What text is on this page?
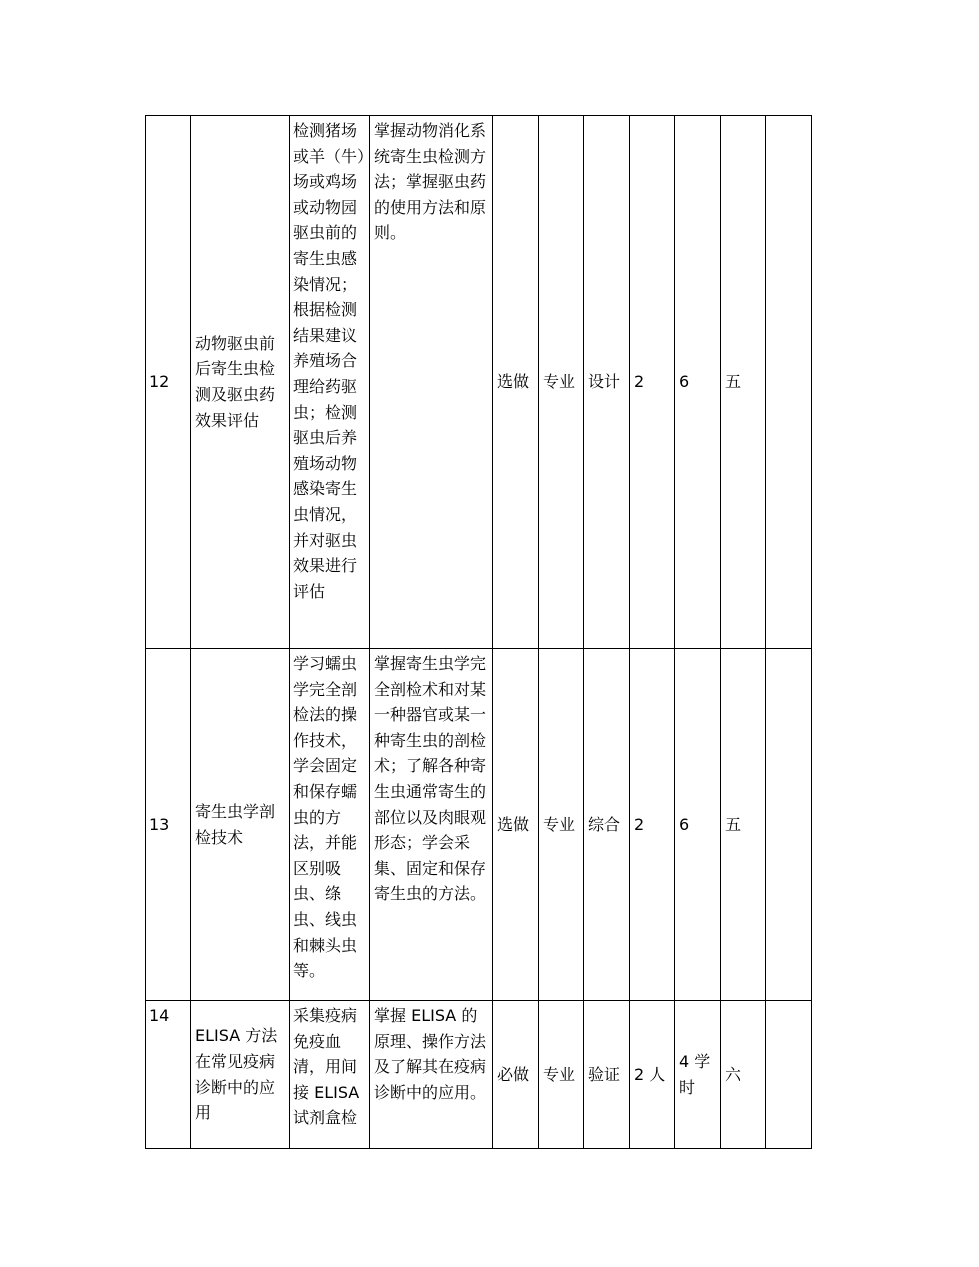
12	动物驱虫前后寄生虫检测及驱虫药效果评估	检测猪场或羊（牛）场或鸡场或动物园驱虫前的寄生虫感染情况；根据检测结果建议养殖场合理给药驱虫；检测驱虫后养殖场动物感染寄生虫情况，并对驱虫效果进行评估	掌握动物消化系统寄生虫检测方法；掌握驱虫药的使用方法和原则。	选做	专业	设计	2	6	五	
13	寄生虫学剖检技术	学习蠕虫学完全剖检法的操作技术，学会固定和保存蠕虫的方法，并能区别吸虫、绦虫、线虫和棘头虫等。	掌握寄生虫学完全剖检术和对某一种器官或某一种寄生虫的剖检术；了解各种寄生虫通常寄生的部位以及肉眼观形态；学会采集、固定和保存寄生虫的方法。	选做	专业	综合	2	6	五	
14	ELISA 方法在常见疫病诊断中的应用	采集疫病免疫血清，用间接 ELISA 试剂盒检	掌握 ELISA 的原理、操作方法及了解其在疫病诊断中的应用。	必做	专业	验证	2 人	4 学时	六	
